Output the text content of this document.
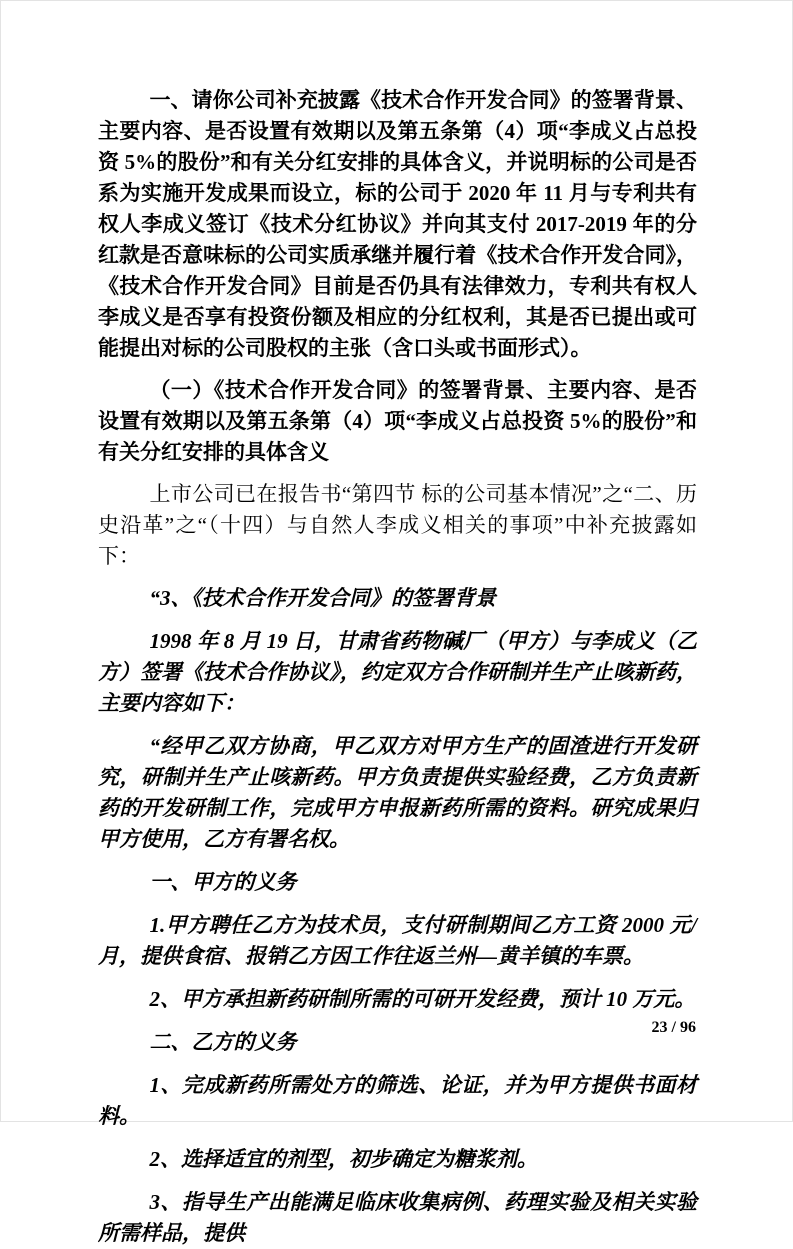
一、请你公司补充披露《技术合作开发合同》的签署背景、主要内容、是否设置有效期以及第五条第（4）项“李成义占总投资 5%的股份”和有关分红安排的具体含义，并说明标的公司是否系为实施开发成果而设立，标的公司于 2020 年 11 月与专利共有权人李成义签订《技术分红协议》并向其支付 2017-2019 年的分红款是否意味标的公司实质承继并履行着《技术合作开发合同》，《技术合作开发合同》目前是否仍具有法律效力，专利共有权人李成义是否享有投资份额及相应的分红权利，其是否已提出或可能提出对标的公司股权的主张（含口头或书面形式）。

（一）《技术合作开发合同》的签署背景、主要内容、是否设置有效期以及第五条第（4）项“李成义占总投资 5%的股份”和有关分红安排的具体含义

上市公司已在报告书“第四节 标的公司基本情况”之“二、历史沿革”之“（十四）与自然人李成义相关的事项”中补充披露如下：

“3、《技术合作开发合同》的签署背景

1998 年 8 月 19 日，甘肃省药物碱厂（甲方）与李成义（乙方）签署《技术合作协议》，约定双方合作研制并生产止咳新药，主要内容如下：

“经甲乙双方协商，甲乙双方对甲方生产的固渣进行开发研究，研制并生产止咳新药。甲方负责提供实验经费，乙方负责新药的开发研制工作，完成甲方申报新药所需的资料。研究成果归甲方使用，乙方有署名权。

一、甲方的义务

1.甲方聘任乙方为技术员，支付研制期间乙方工资 2000 元/月，提供食宿、报销乙方因工作往返兰州—黄羊镇的车票。

2、甲方承担新药研制所需的可研开发经费，预计 10 万元。

二、乙方的义务

1、完成新药所需处方的筛选、论证，并为甲方提供书面材料。

2、选择适宜的剂型，初步确定为糖浆剂。

3、指导生产出能满足临床收集病例、药理实验及相关实验所需样品，提供

23 / 96
